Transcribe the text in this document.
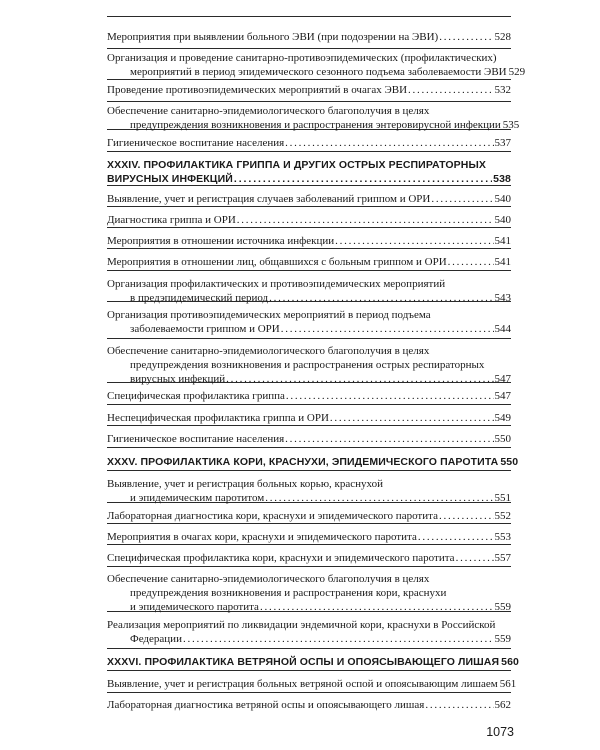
Мероприятия при выявлении больного ЭВИ (при подозрении на ЭВИ) . . .	528
Организация и проведение санитарно-противоэпидемических (профилактических)
мероприятий в период эпидемического сезонного подъема заболеваемости ЭВИ 529
Проведение противоэпидемических мероприятий в очагах ЭВИ . . .	532
Обеспечение санитарно-эпидемиологического благополучия в целях
предупреждения возникновения и распространения энтеровирусной инфекции 535
Гигиеническое воспитание населения . . .	537
XXXIV. ПРОФИЛАКТИКА ГРИППА И ДРУГИХ ОСТРЫХ РЕСПИРАТОРНЫХ
ВИРУСНЫХ ИНФЕКЦИЙ . . .	538
Выявление, учет и регистрация случаев заболеваний гриппом и ОРИ . . .	540
Диагностика гриппа и ОРИ . . .	540
Мероприятия в отношении источника инфекции . . .	541
Мероприятия в отношении лиц, общавшихся с больным гриппом и ОРИ . . .	541
Организация профилактических и противоэпидемических мероприятий
в предэпидемический период . . .	543
Организация противоэпидемических мероприятий в период подъема
заболеваемости гриппом и ОРИ . . .	544
Обеспечение санитарно-эпидемиологического благополучия в целях
предупреждения возникновения и распространения острых респираторных
вирусных инфекций . . .	547
Специфическая профилактика гриппа . . .	547
Неспецифическая профилактика гриппа и ОРИ . . .	549
Гигиеническое воспитание населения . . .	550
XXXV. ПРОФИЛАКТИКА КОРИ, КРАСНУХИ, ЭПИДЕМИЧЕСКОГО ПАРОТИТА 550
Выявление, учет и регистрация больных корью, краснухой
и эпидемическим паротитом . . .	551
Лабораторная диагностика кори, краснухи и эпидемического паротита . . .	552
Мероприятия в очагах кори, краснухи и эпидемического паротита . . .	553
Специфическая профилактика кори, краснухи и эпидемического паротита . . .	557
Обеспечение санитарно-эпидемиологического благополучия в целях
предупреждения возникновения и распространения кори, краснухи
и эпидемического паротита . . .	559
Реализация мероприятий по ликвидации эндемичной кори, краснухи в Российской
Федерации . . .	559
XXXVI. ПРОФИЛАКТИКА ВЕТРЯНОЙ ОСПЫ И ОПОЯСЫВАЮЩЕГО ЛИШАЯ 560
Выявление, учет и регистрация больных ветряной оспой и опоясывающим лишаем 561
Лабораторная диагностика ветряной оспы и опоясывающего лишая . . .	562
1073
